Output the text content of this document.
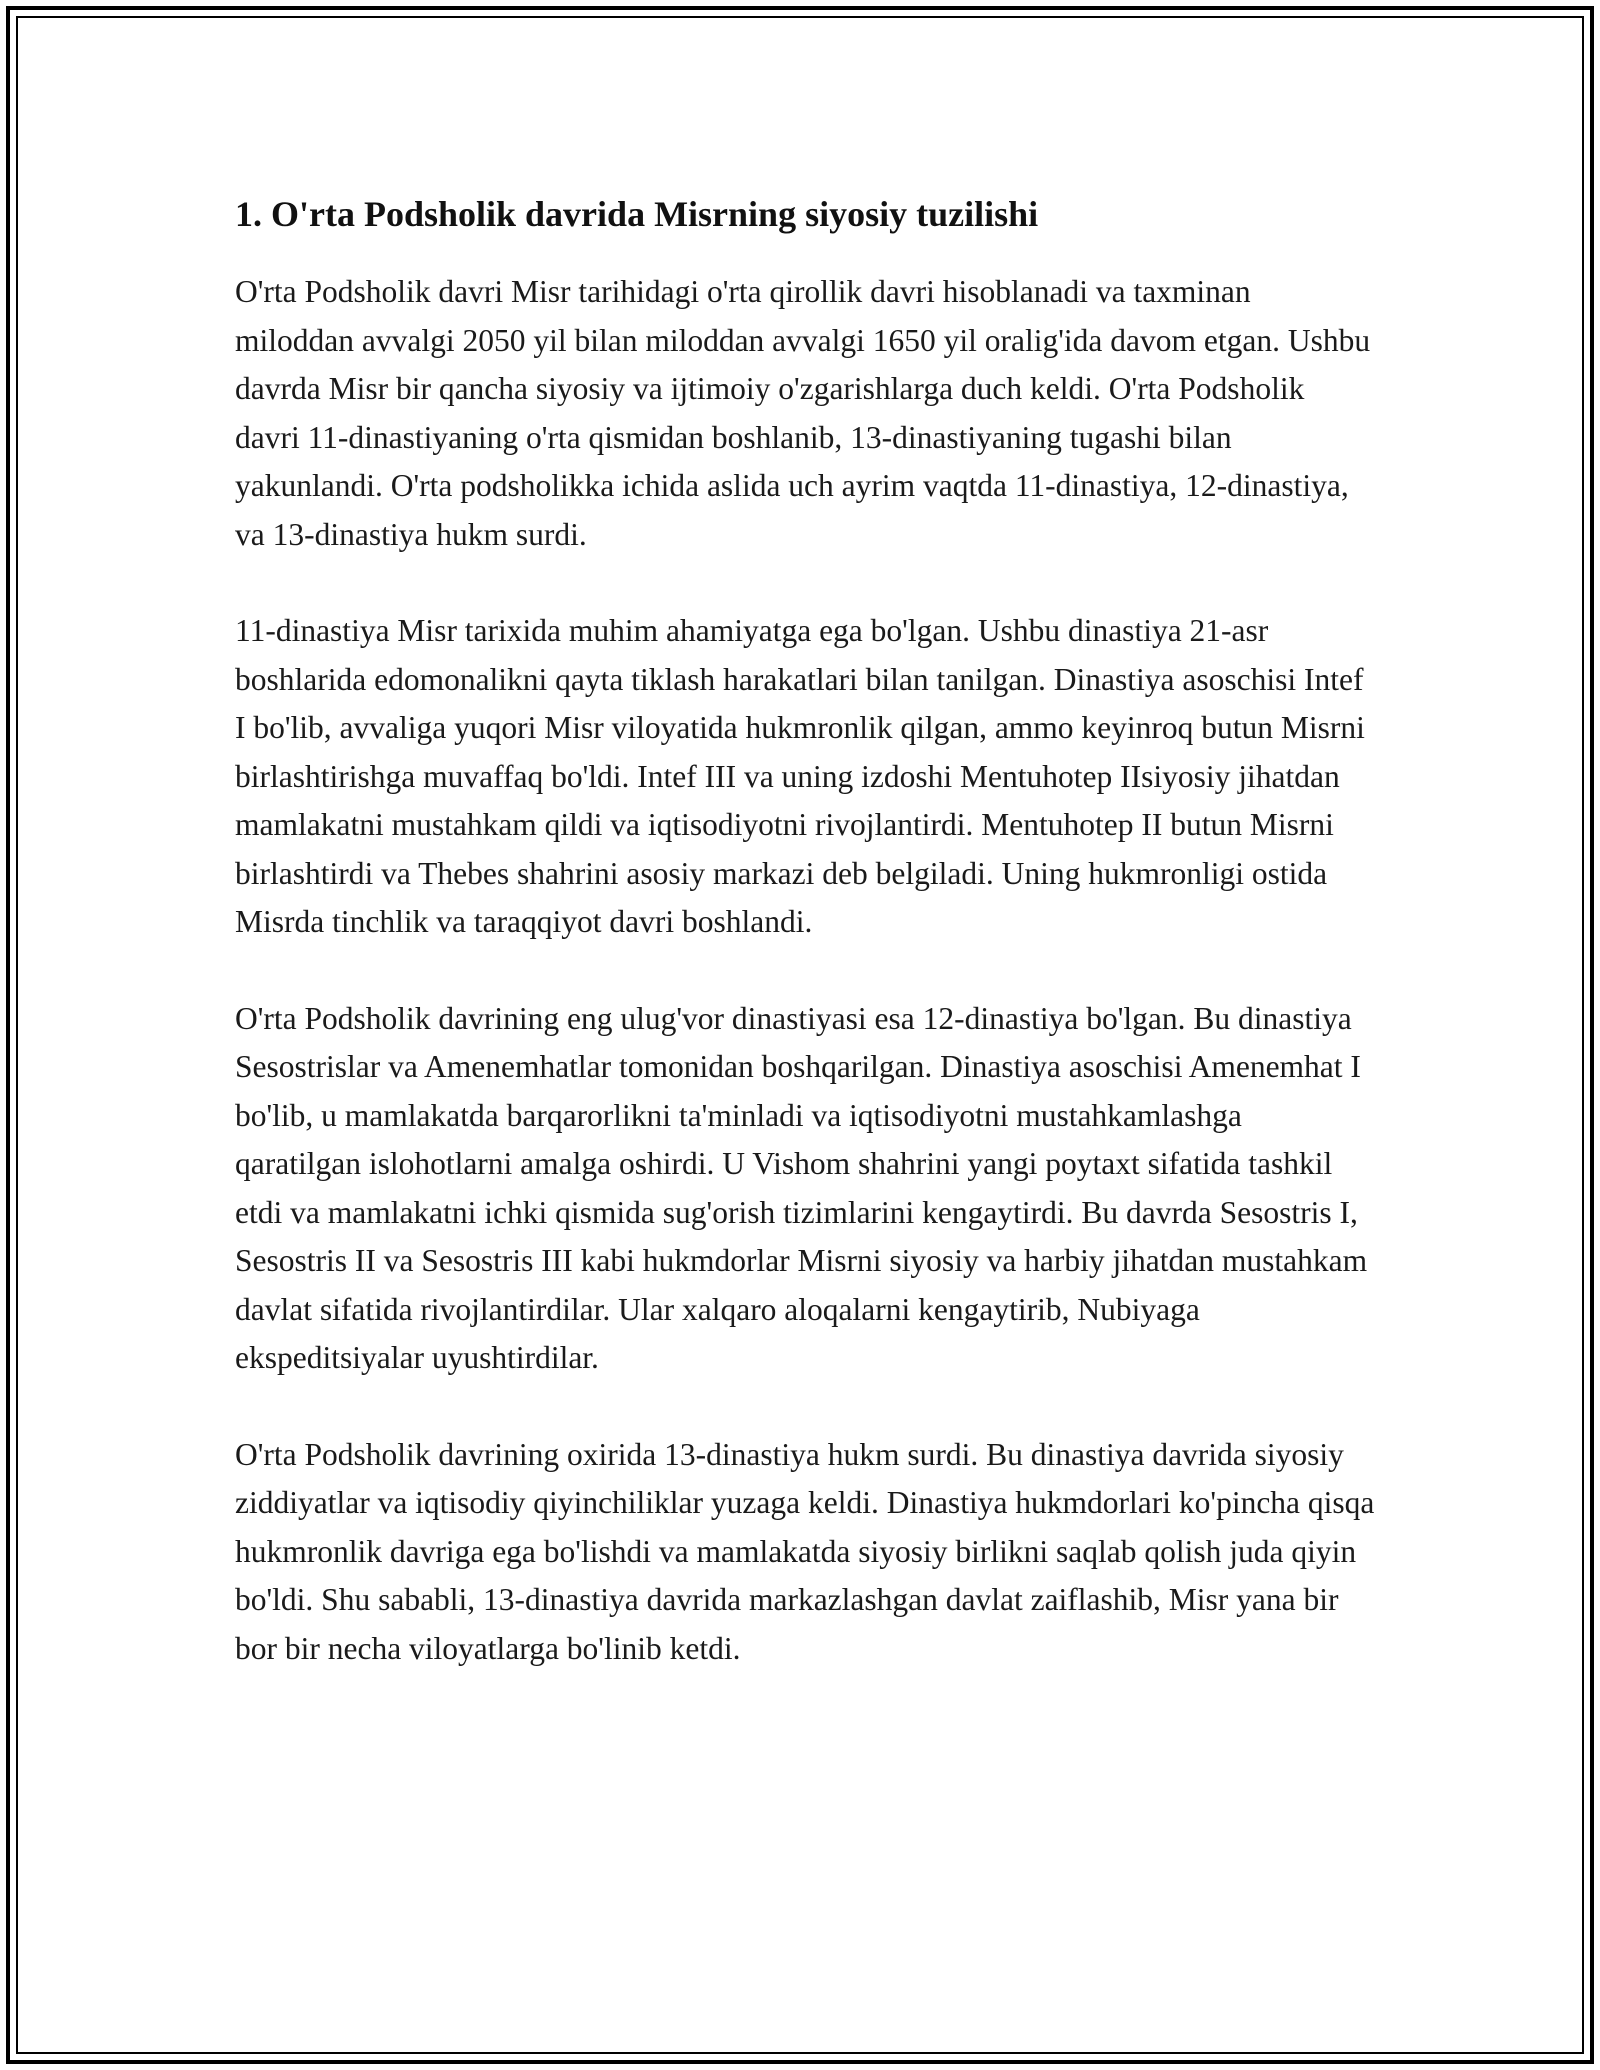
1. O'rta Podsholik davrida Misrning siyosiy tuzilishi

O'rta Podsholik davri Misr tarihidagi o'rta qirollik davri hisoblanadi va taxminan miloddan avvalgi 2050 yil bilan miloddan avvalgi 1650 yil oralig'ida davom etgan. Ushbu davrda Misr bir qancha siyosiy va ijtimoiy o'zgarishlarga duch keldi. O'rta Podsholik davri 11-dinastiyaning o'rta qismidan boshlanib, 13-dinastiyaning tugashi bilan yakunlandi. O'rta podsholikka ichida aslida uch ayrim vaqtda 11-dinastiya, 12-dinastiya, va 13-dinastiya hukm surdi.

11-dinastiya Misr tarixida muhim ahamiyatga ega bo'lgan. Ushbu dinastiya 21-asr boshlarida edomonalikni qayta tiklash harakatlari bilan tanilgan. Dinastiya asoschisi Intef I bo'lib, avvaliga yuqori Misr viloyatida hukmronlik qilgan, ammo keyinroq butun Misrni birlashtirishga muvaffaq bo'ldi. Intef III va uning izdoshi Mentuhotep IIsiyosiy jihatdan mamlakatni mustahkam qildi va iqtisodiyotni rivojlantirdi. Mentuhotep II butun Misrni birlashtirdi va Thebes shahrini asosiy markazi deb belgiladi. Uning hukmronligi ostida Misrda tinchlik va taraqqiyot davri boshlandi.

O'rta Podsholik davrining eng ulug'vor dinastiyasi esa 12-dinastiya bo'lgan. Bu dinastiya Sesostrislar va Amenemhatlar tomonidan boshqarilgan. Dinastiya asoschisi Amenemhat I bo'lib, u mamlakatda barqarorlikni ta'minladi va iqtisodiyotni mustahkamlashga qaratilgan islohotlarni amalga oshirdi. U Vishom shahrini yangi poytaxt sifatida tashkil etdi va mamlakatni ichki qismida sug'orish tizimlarini kengaytirdi. Bu davrda Sesostris I, Sesostris II va Sesostris III kabi hukmdorlar Misrni siyosiy va harbiy jihatdan mustahkam davlat sifatida rivojlantirdilar. Ular xalqaro aloqalarni kengaytirib, Nubiyaga ekspeditsiyalar uyushtirdilar.

O'rta Podsholik davrining oxirida 13-dinastiya hukm surdi. Bu dinastiya davrida siyosiy ziddiyatlar va iqtisodiy qiyinchiliklar yuzaga keldi. Dinastiya hukmdorlari ko'pincha qisqa hukmronlik davriga ega bo'lishdi va mamlakatda siyosiy birlikni saqlab qolish juda qiyin bo'ldi. Shu sababli, 13-dinastiya davrida markazlashgan davlat zaiflashib, Misr yana bir bor bir necha viloyatlarga bo'linib ketdi.
